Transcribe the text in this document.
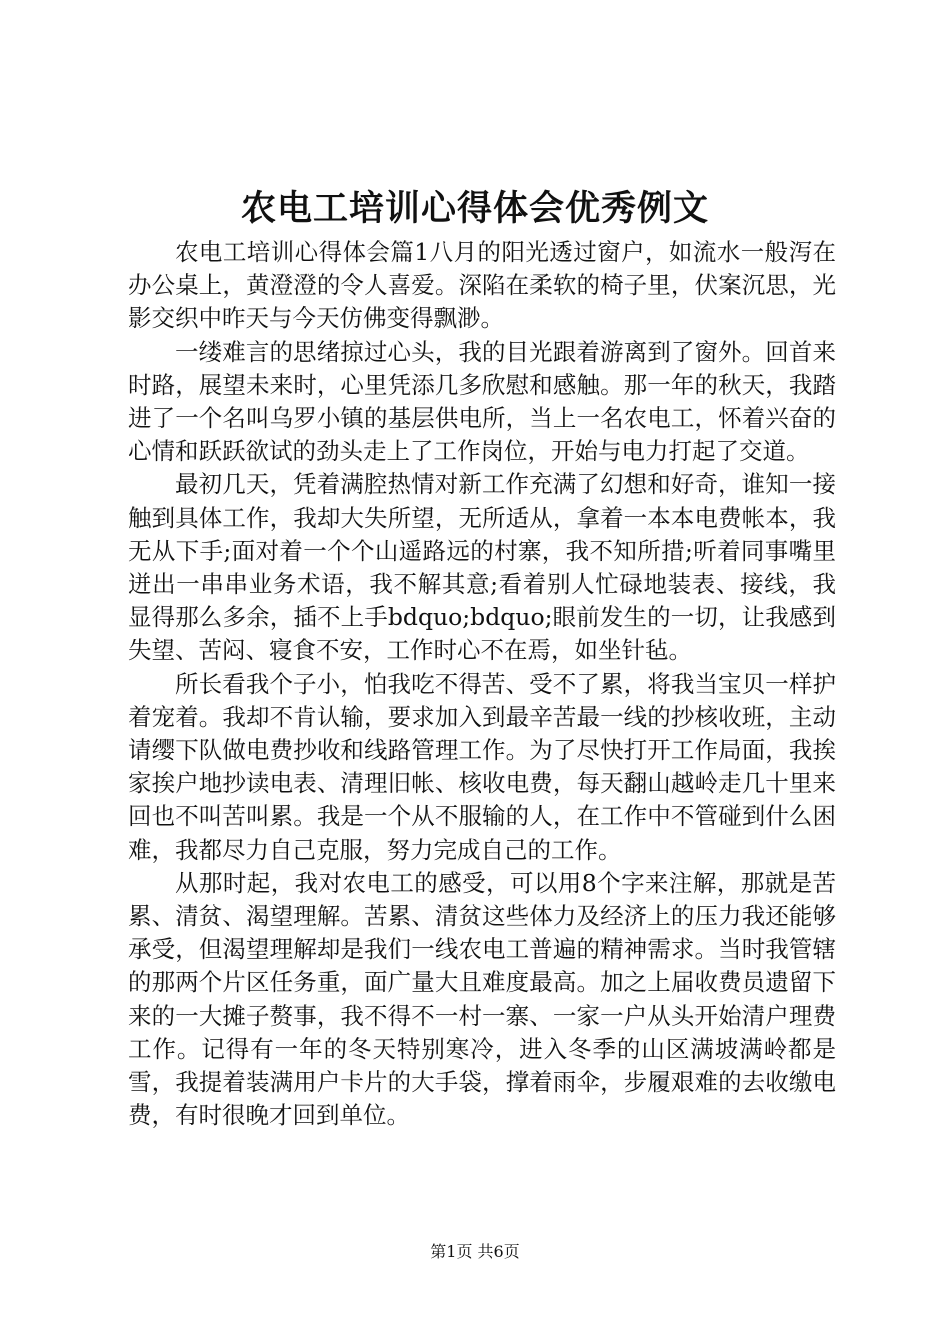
农电工培训心得体会优秀例文

农电工培训心得体会篇1八月的阳光透过窗户，如流水一般泻在办公桌上，黄澄澄的令人喜爱。深陷在柔软的椅子里，伏案沉思，光影交织中昨天与今天仿佛变得飘渺。

一缕难言的思绪掠过心头，我的目光跟着游离到了窗外。回首来时路，展望未来时，心里凭添几多欣慰和感触。那一年的秋天，我踏进了一个名叫乌罗小镇的基层供电所，当上一名农电工，怀着兴奋的心情和跃跃欲试的劲头走上了工作岗位，开始与电力打起了交道。

最初几天，凭着满腔热情对新工作充满了幻想和好奇，谁知一接触到具体工作，我却大失所望，无所适从，拿着一本本电费帐本，我无从下手;面对着一个个山遥路远的村寨，我不知所措;听着同事嘴里迸出一串串业务术语，我不解其意;看着别人忙碌地装表、接线，我显得那么多余，插不上手bdquo;bdquo;眼前发生的一切，让我感到失望、苦闷、寝食不安，工作时心不在焉，如坐针毡。

所长看我个子小，怕我吃不得苦、受不了累，将我当宝贝一样护着宠着。我却不肯认输，要求加入到最辛苦最一线的抄核收班，主动请缨下队做电费抄收和线路管理工作。为了尽快打开工作局面，我挨家挨户地抄读电表、清理旧帐、核收电费，每天翻山越岭走几十里来回也不叫苦叫累。我是一个从不服输的人，在工作中不管碰到什么困难，我都尽力自己克服，努力完成自己的工作。

从那时起，我对农电工的感受，可以用8个字来注解，那就是苦累、清贫、渴望理解。苦累、清贫这些体力及经济上的压力我还能够承受，但渴望理解却是我们一线农电工普遍的精神需求。当时我管辖的那两个片区任务重，面广量大且难度最高。加之上届收费员遗留下来的一大摊子赘事，我不得不一村一寨、一家一户从头开始清户理费工作。记得有一年的冬天特别寒冷，进入冬季的山区满坡满岭都是雪，我提着装满用户卡片的大手袋，撑着雨伞，步履艰难的去收缴电费，有时很晚才回到单位。

第1页 共6页
